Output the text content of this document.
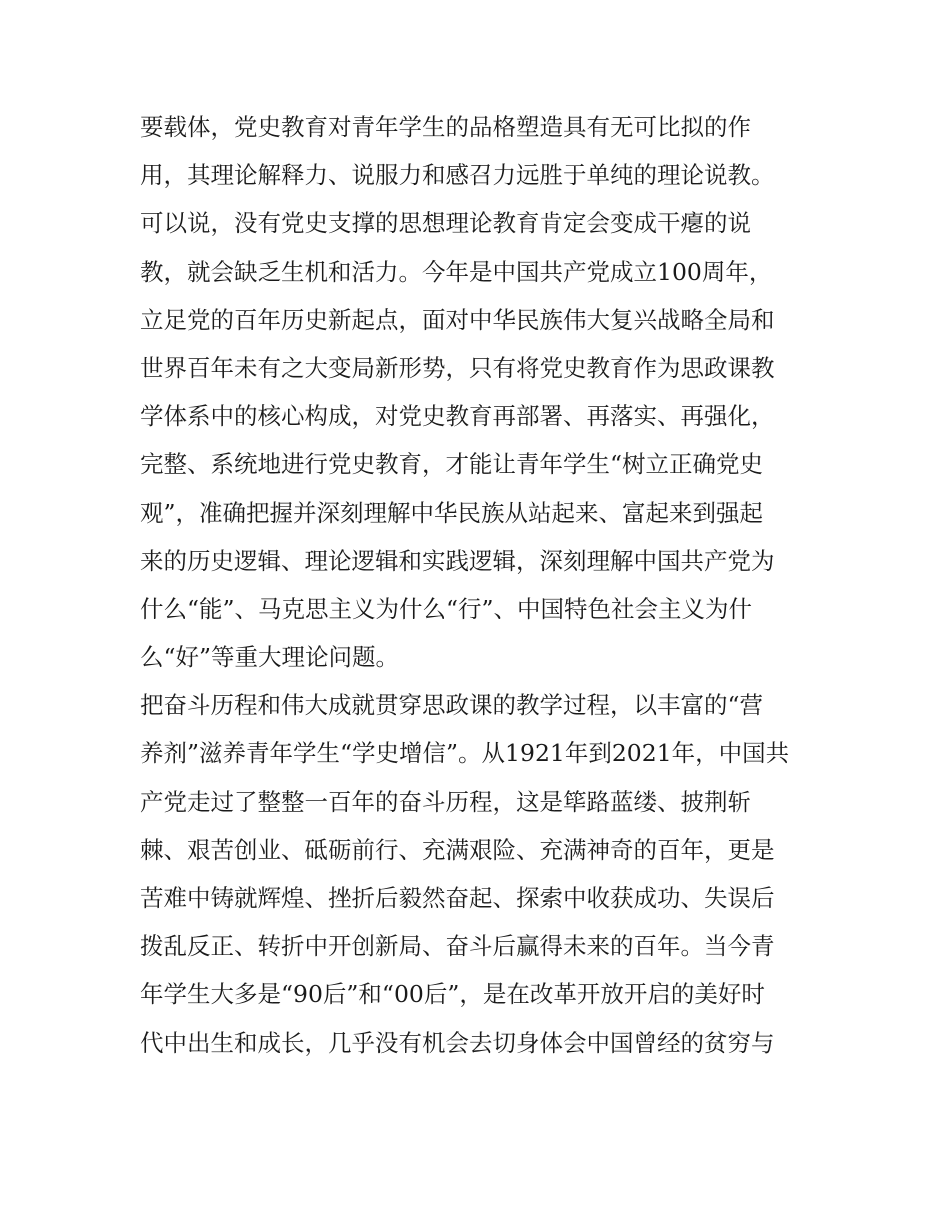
要载体，党史教育对青年学生的品格塑造具有无可比拟的作
用，其理论解释力、说服力和感召力远胜于单纯的理论说教。
可以说，没有党史支撑的思想理论教育肯定会变成干瘪的说
教，就会缺乏生机和活力。今年是中国共产党成立100周年，
立足党的百年历史新起点，面对中华民族伟大复兴战略全局和
世界百年未有之大变局新形势，只有将党史教育作为思政课教
学体系中的核心构成，对党史教育再部署、再落实、再强化，
完整、系统地进行党史教育，才能让青年学生“树立正确党史
观”，准确把握并深刻理解中华民族从站起来、富起来到强起
来的历史逻辑、理论逻辑和实践逻辑，深刻理解中国共产党为
什么“能”、马克思主义为什么“行”、中国特色社会主义为什
么“好”等重大理论问题。
把奋斗历程和伟大成就贯穿思政课的教学过程，以丰富的“营
养剂”滋养青年学生“学史增信”。从1921年到2021年，中国共
产党走过了整整一百年的奋斗历程，这是筚路蓝缕、披荆斩
棘、艰苦创业、砥砺前行、充满艰险、充满神奇的百年，更是
苦难中铸就辉煌、挫折后毅然奋起、探索中收获成功、失误后
拨乱反正、转折中开创新局、奋斗后赢得未来的百年。当今青
年学生大多是“90后”和“00后”，是在改革开放开启的美好时
代中出生和成长，几乎没有机会去切身体会中国曾经的贫穷与
